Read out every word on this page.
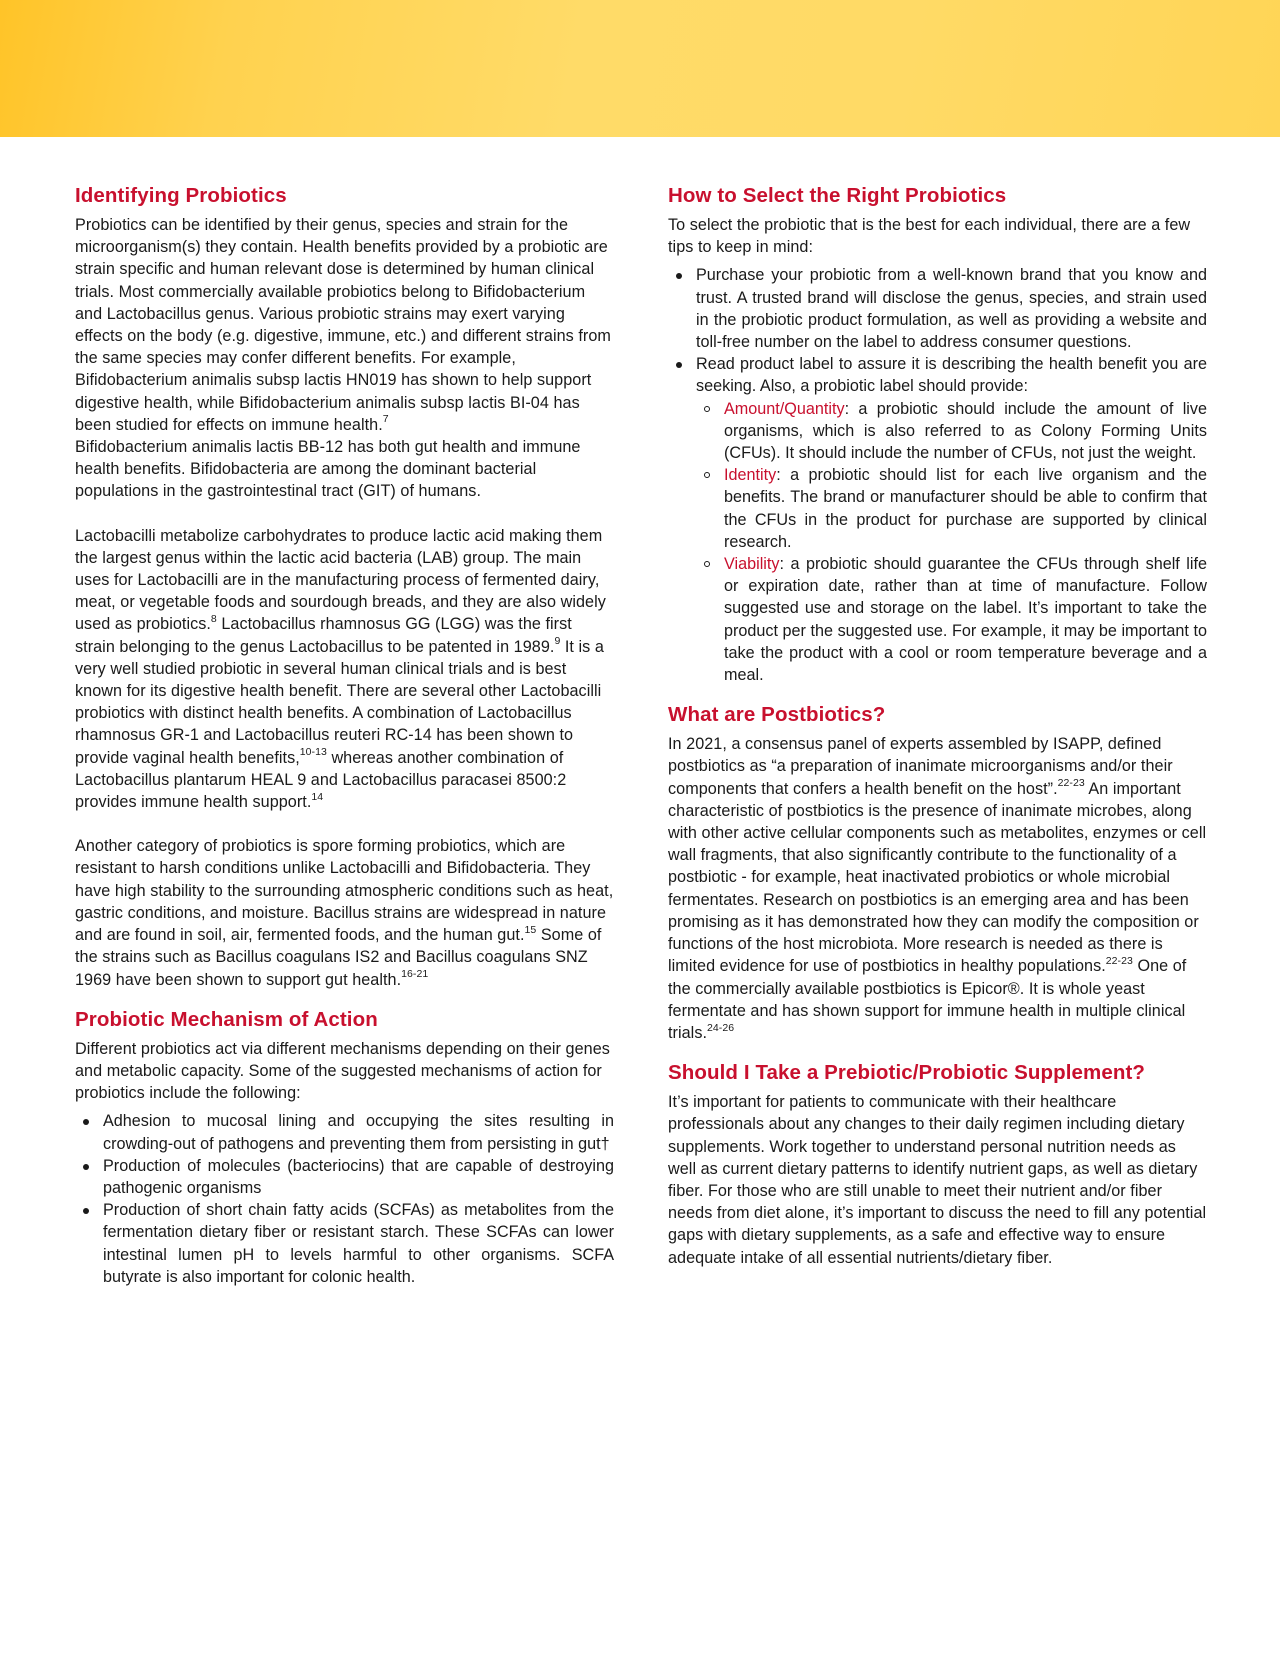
Identifying Probiotics

Probiotics can be identified by their genus, species and strain for the microorganism(s) they contain. Health benefits provided by a probiotic are strain specific and human relevant dose is determined by human clinical trials. Most commercially available probiotics belong to Bifidobacterium and Lactobacillus genus. Various probiotic strains may exert varying effects on the body (e.g. digestive, immune, etc.) and different strains from the same species may confer different benefits. For example, Bifidobacterium animalis subsp lactis HN019 has shown to help support digestive health, while Bifidobacterium animalis subsp lactis BI-04 has been studied for effects on immune health.$^7$
Bifidobacterium animalis lactis BB-12 has both gut health and immune health benefits. Bifidobacteria are among the dominant bacterial populations in the gastrointestinal tract (GIT) of humans.

Lactobacilli metabolize carbohydrates to produce lactic acid making them the largest genus within the lactic acid bacteria (LAB) group. The main uses for Lactobacilli are in the manufacturing process of fermented dairy, meat, or vegetable foods and sourdough breads, and they are also widely used as probiotics.$^8$ Lactobacillus rhamnosus GG (LGG) was the first strain belonging to the genus Lactobacillus to be patented in 1989.$^9$ It is a very well studied probiotic in several human clinical trials and is best known for its digestive health benefit. There are several other Lactobacilli probiotics with distinct health benefits. A combination of Lactobacillus rhamnosus GR-1 and Lactobacillus reuteri RC-14 has been shown to provide vaginal health benefits,$^{10-13}$ whereas another combination of Lactobacillus plantarum HEAL 9 and Lactobacillus paracasei 8500:2 provides immune health support.$^{14}$

Another category of probiotics is spore forming probiotics, which are resistant to harsh conditions unlike Lactobacilli and Bifidobacteria. They have high stability to the surrounding atmospheric conditions such as heat, gastric conditions, and moisture. Bacillus strains are widespread in nature and are found in soil, air, fermented foods, and the human gut.$^{15}$ Some of the strains such as Bacillus coagulans IS2 and Bacillus coagulans SNZ 1969 have been shown to support gut health.$^{16-21}$

Probiotic Mechanism of Action

Different probiotics act via different mechanisms depending on their genes and metabolic capacity. Some of the suggested mechanisms of action for probiotics include the following:

Adhesion to mucosal lining and occupying the sites resulting in crowding-out of pathogens and preventing them from persisting in gut†
Production of molecules (bacteriocins) that are capable of destroying pathogenic organisms
Production of short chain fatty acids (SCFAs) as metabolites from the fermentation dietary fiber or resistant starch. These SCFAs can lower intestinal lumen pH to levels harmful to other organisms. SCFA butyrate is also important for colonic health.
How to Select the Right Probiotics

To select the probiotic that is the best for each individual, there are a few tips to keep in mind:

Purchase your probiotic from a well-known brand that you know and trust. A trusted brand will disclose the genus, species, and strain used in the probiotic product formulation, as well as providing a website and toll-free number on the label to address consumer questions.
Read product label to assure it is describing the health benefit you are seeking. Also, a probiotic label should provide:
Amount/Quantity: a probiotic should include the amount of live organisms, which is also referred to as Colony Forming Units (CFUs). It should include the number of CFUs, not just the weight.
Identity: a probiotic should list for each live organism and the benefits. The brand or manufacturer should be able to confirm that the CFUs in the product for purchase are supported by clinical research.
Viability: a probiotic should guarantee the CFUs through shelf life or expiration date, rather than at time of manufacture. Follow suggested use and storage on the label. It’s important to take the product per the suggested use. For example, it may be important to take the product with a cool or room temperature beverage and a meal.
What are Postbiotics?

In 2021, a consensus panel of experts assembled by ISAPP, defined postbiotics as “a preparation of inanimate microorganisms and/or their components that confers a health benefit on the host”.$^{22-23}$ An important characteristic of postbiotics is the presence of inanimate microbes, along with other active cellular components such as metabolites, enzymes or cell wall fragments, that also significantly contribute to the functionality of a postbiotic - for example, heat inactivated probiotics or whole microbial fermentates. Research on postbiotics is an emerging area and has been promising as it has demonstrated how they can modify the composition or functions of the host microbiota. More research is needed as there is limited evidence for use of postbiotics in healthy populations.$^{22-23}$ One of the commercially available postbiotics is Epicor®. It is whole yeast fermentate and has shown support for immune health in multiple clinical trials.$^{24-26}$

Should I Take a Prebiotic/Probiotic Supplement?

It’s important for patients to communicate with their healthcare professionals about any changes to their daily regimen including dietary supplements. Work together to understand personal nutrition needs as well as current dietary patterns to identify nutrient gaps, as well as dietary fiber. For those who are still unable to meet their nutrient and/or fiber needs from diet alone, it’s important to discuss the need to fill any potential gaps with dietary supplements, as a safe and effective way to ensure adequate intake of all essential nutrients/dietary fiber.
